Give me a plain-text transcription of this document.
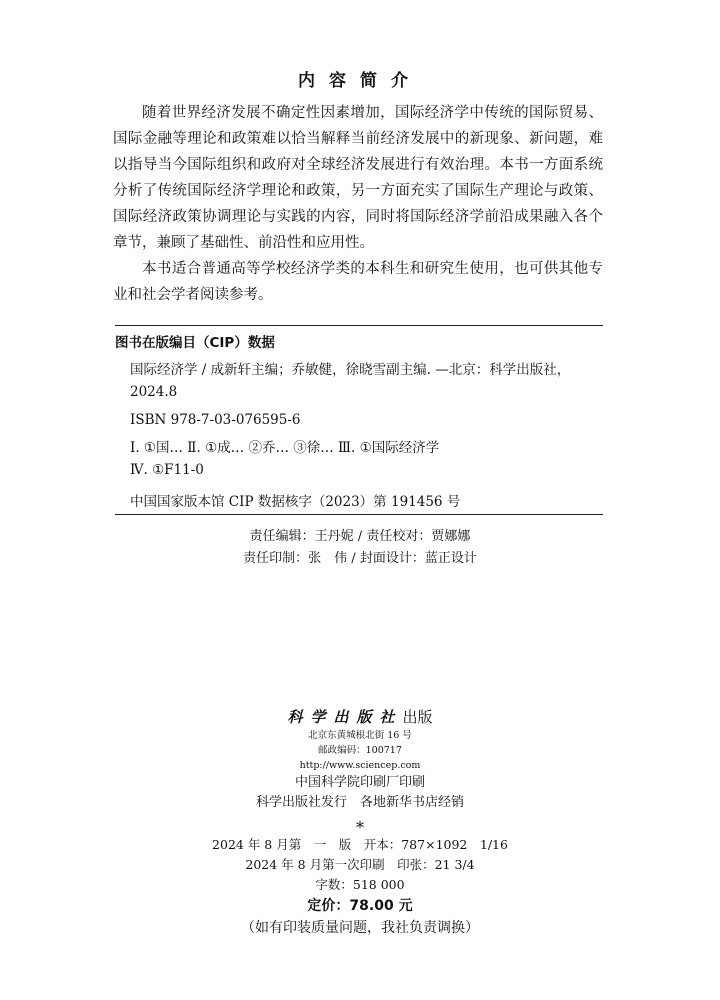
内容简介

随着世界经济发展不确定性因素增加，国际经济学中传统的国际贸易、国际金融等理论和政策难以恰当解释当前经济发展中的新现象、新问题，难以指导当今国际组织和政府对全球经济发展进行有效治理。本书一方面系统分析了传统国际经济学理论和政策，另一方面充实了国际生产理论与政策、国际经济政策协调理论与实践的内容，同时将国际经济学前沿成果融入各个章节，兼顾了基础性、前沿性和应用性。

本书适合普通高等学校经济学类的本科生和研究生使用，也可供其他专业和社会学者阅读参考。

图书在版编目（CIP）数据

国际经济学 / 成新轩主编；乔敏健，徐晓雪副主编. —北京：科学出版社，

2024.8

ISBN 978-7-03-076595-6

Ⅰ. ①国… Ⅱ. ①成… ②乔… ③徐… Ⅲ. ①国际经济学

Ⅳ. ①F11-0

中国国家版本馆 CIP 数据核字（2023）第 191456 号

责任编辑：王丹妮 / 责任校对：贾娜娜
责任印制：张　伟 / 封面设计：蓝正设计
科学出版社出版
北京东黄城根北街 16 号
邮政编码：100717
http://www.sciencep.com
中国科学院印刷厂印刷
科学出版社发行　各地新华书店经销
*
2024 年 8 月第　一　版　开本：787×1092　1/16
2024 年 8 月第一次印刷　印张：21 3/4
字数：518 000
定价：78.00 元
（如有印装质量问题，我社负责调换）
